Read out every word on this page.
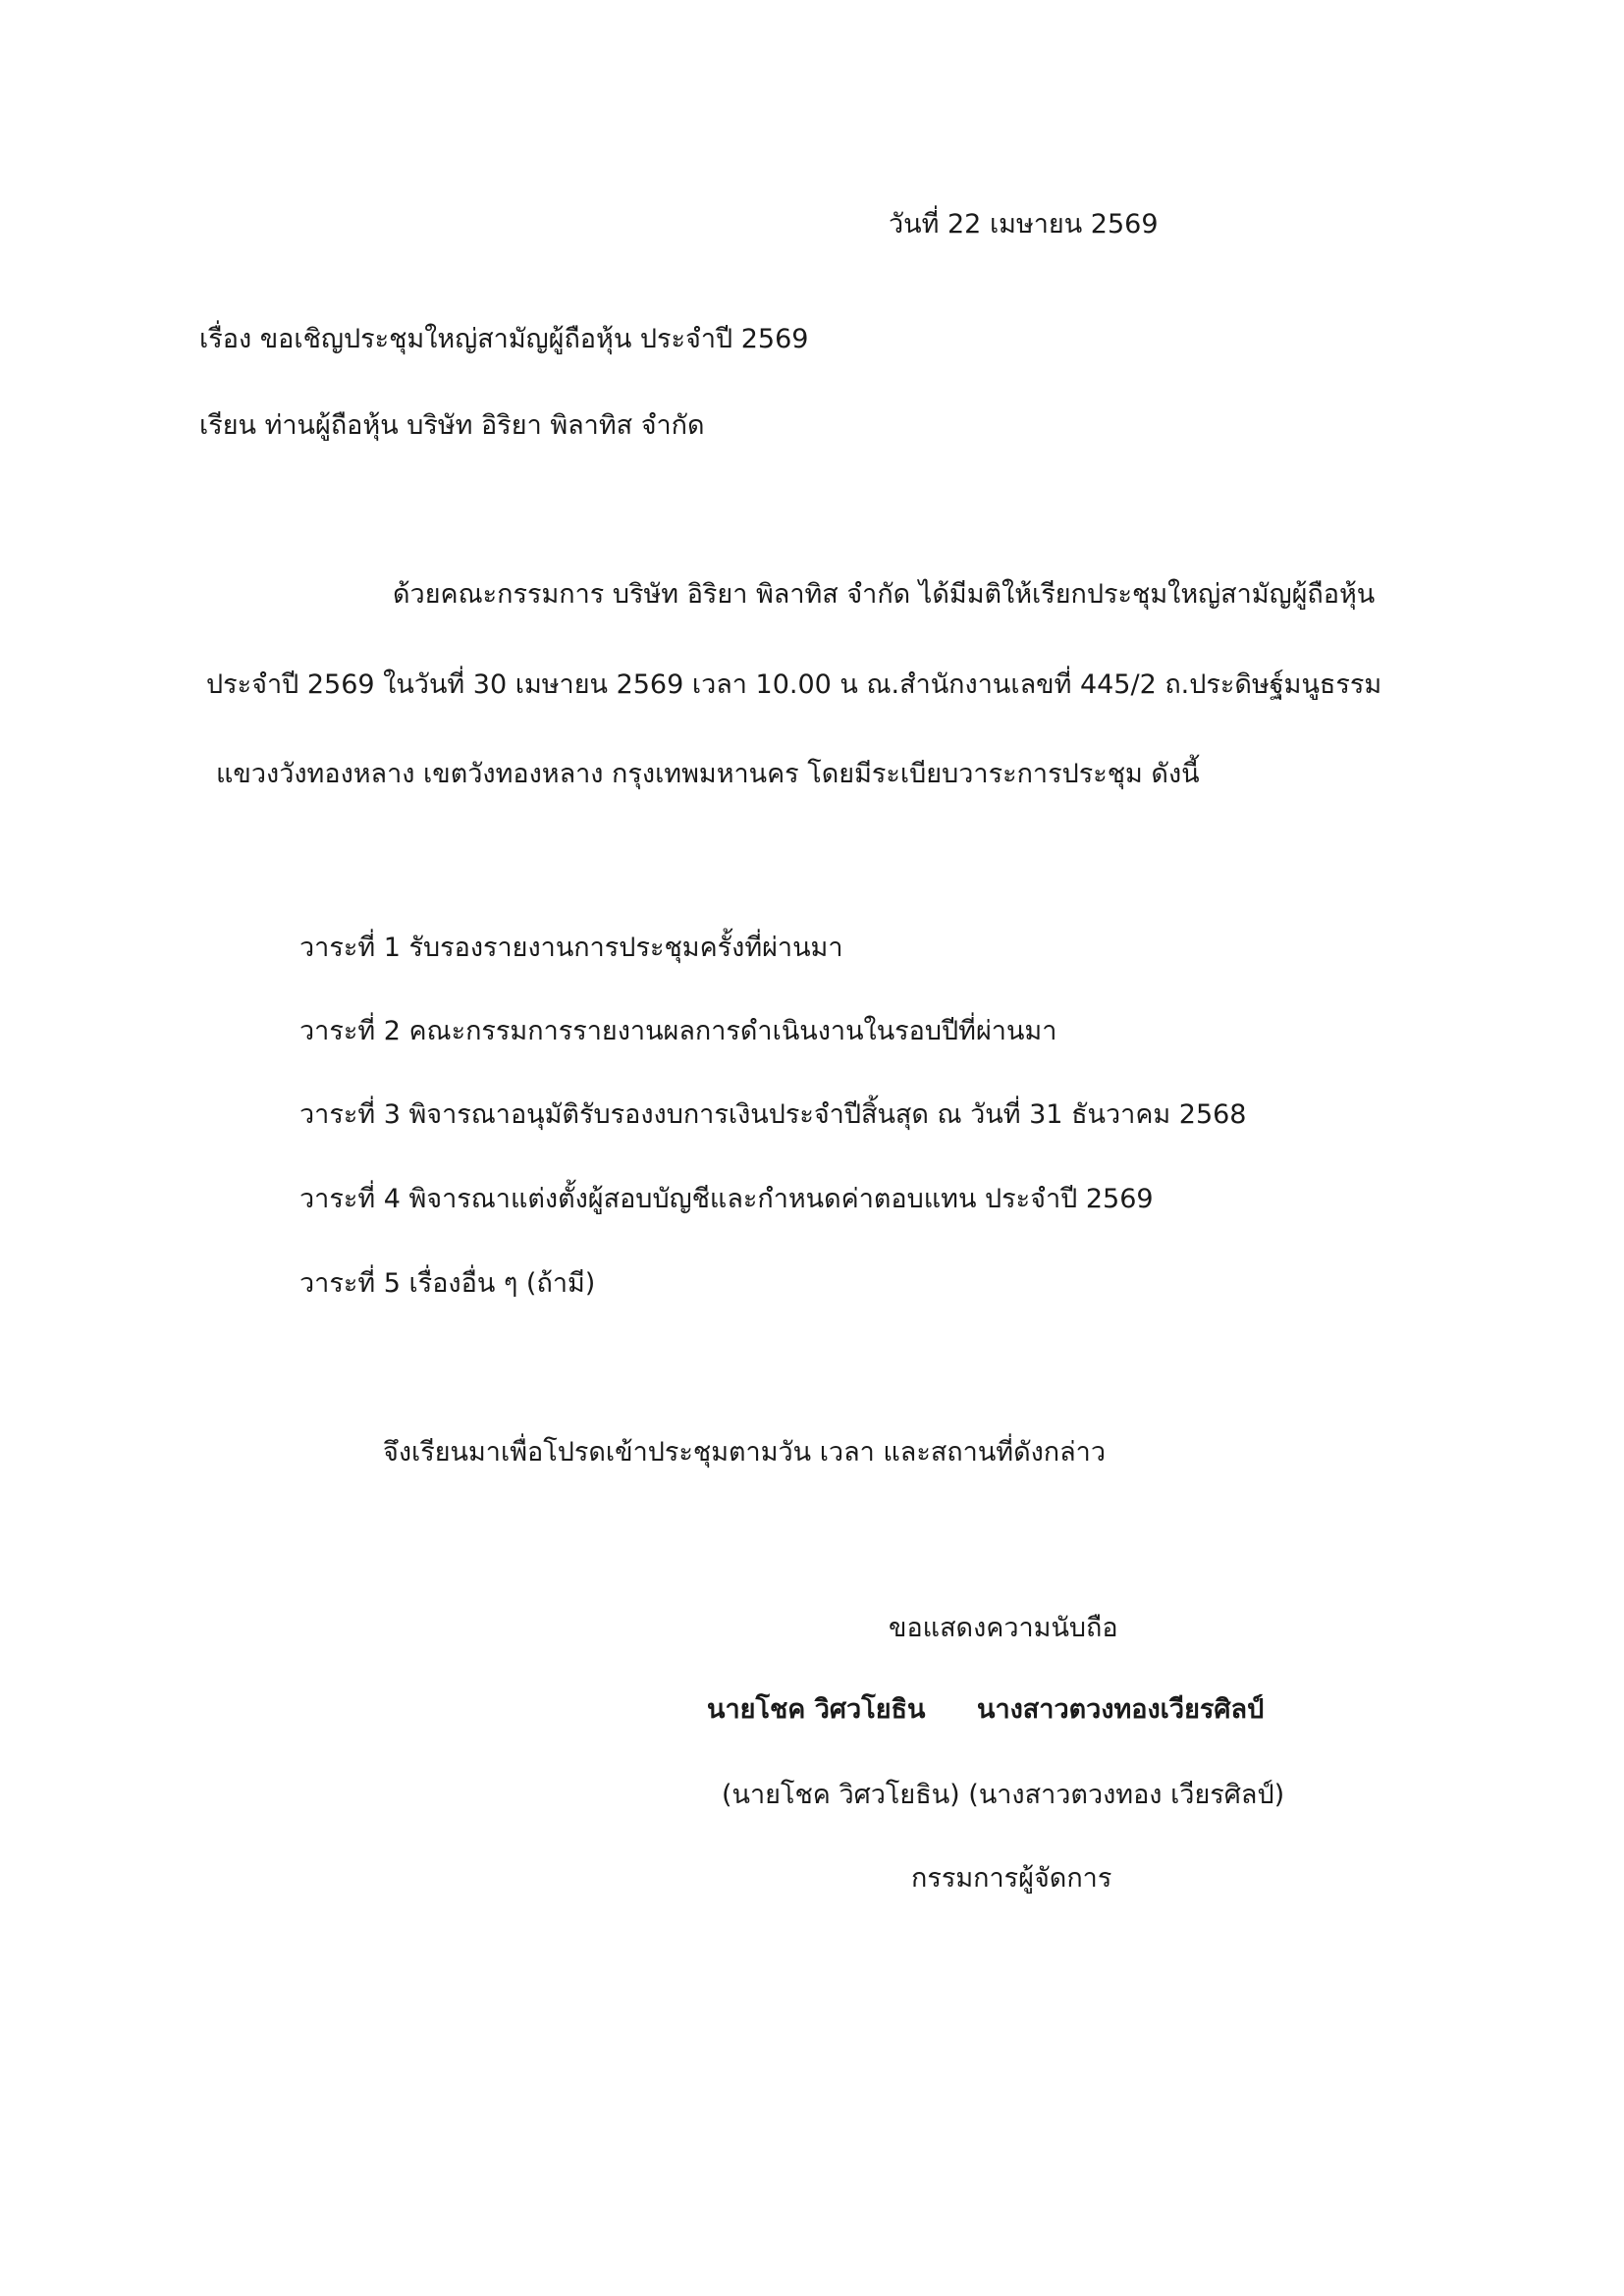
วันที่ 22 เมษายน 2569
เรื่อง ขอเชิญประชุมใหญ่สามัญผู้ถือหุ้น ประจำปี 2569
เรียน ท่านผู้ถือหุ้น บริษัท อิริยา พิลาทิส จำกัด
ด้วยคณะกรรมการ บริษัท อิริยา พิลาทิส จำกัด ได้มีมติให้เรียกประชุมใหญ่สามัญผู้ถือหุ้น
ประจำปี 2569 ในวันที่ 30 เมษายน 2569 เวลา 10.00 น ณ.สำนักงานเลขที่ 445/2 ถ.ประดิษฐ์มนูธรรม
แขวงวังทองหลาง เขตวังทองหลาง กรุงเทพมหานคร โดยมีระเบียบวาระการประชุม ดังนี้
วาระที่ 1 รับรองรายงานการประชุมครั้งที่ผ่านมา
วาระที่ 2 คณะกรรมการรายงานผลการดำเนินงานในรอบปีที่ผ่านมา
วาระที่ 3 พิจารณาอนุมัติรับรองงบการเงินประจำปีสิ้นสุด ณ วันที่ 31 ธันวาคม 2568
วาระที่ 4 พิจารณาแต่งตั้งผู้สอบบัญชีและกำหนดค่าตอบแทน ประจำปี 2569
วาระที่ 5 เรื่องอื่น ๆ (ถ้ามี)
จึงเรียนมาเพื่อโปรดเข้าประชุมตามวัน เวลา และสถานที่ดังกล่าว
ขอแสดงความนับถือ
นายโชค วิศวโยธิน นางสาวตวงทองเวียรศิลป์
(นายโชค วิศวโยธิน) (นางสาวตวงทอง เวียรศิลป์)
กรรมการผู้จัดการ
